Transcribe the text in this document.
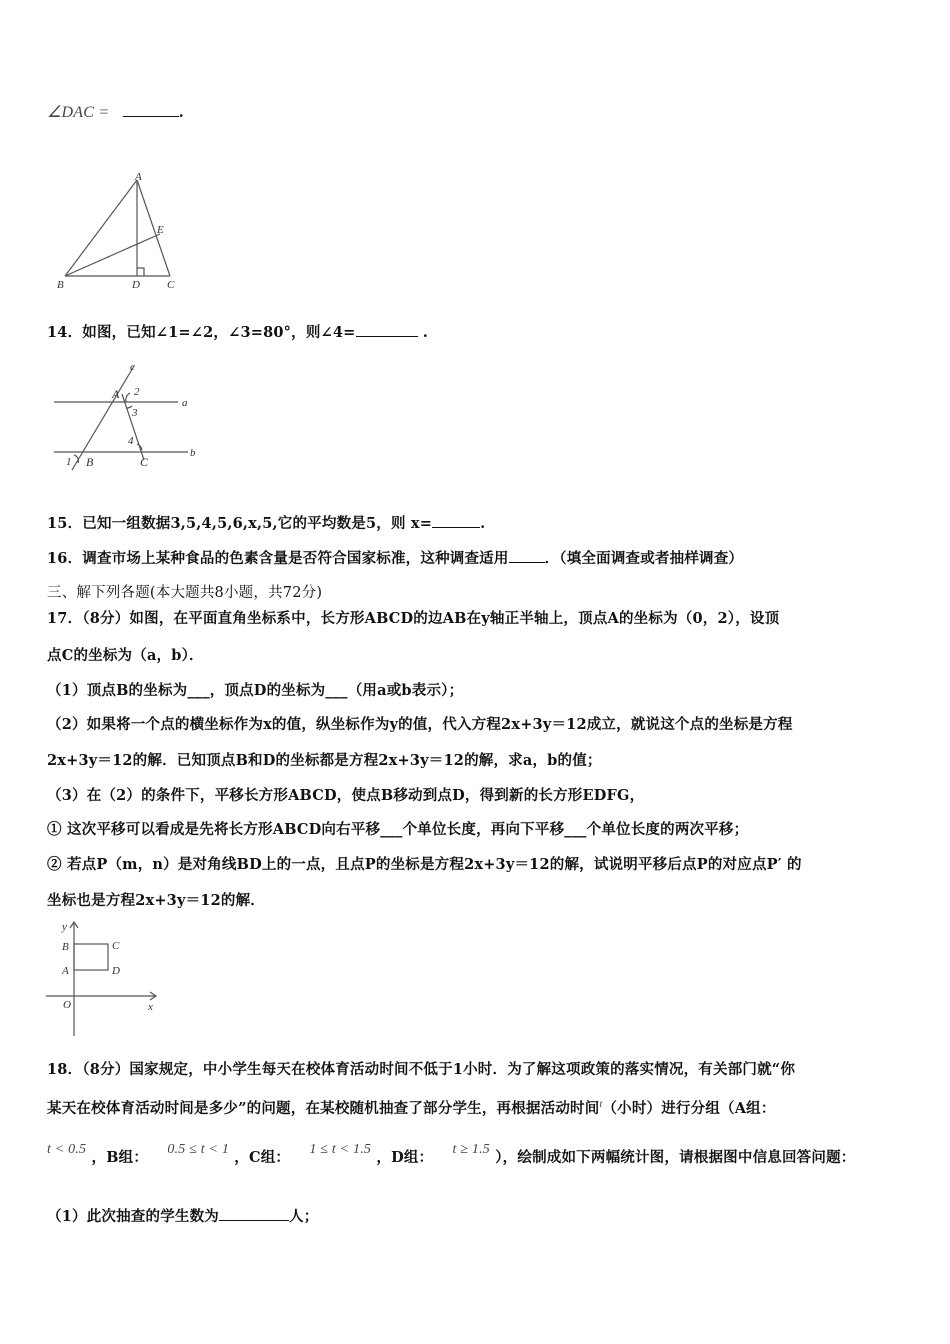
∠DAC =	.
A
B	D C
E
14．如图，已知∠1=∠2，∠3=80°，则∠4=	.
c
a
b
A
B	C
1
2
3
4
15．已知一组数据3,5,4,5,6,x,5,它的平均数是5，则 x=	.
16．调查市场上某种食品的色素含量是否符合国家标准，这种调查适用 ．（填全面调查或者抽样调查）
三、解下列各题(本大题共8小题，共72分)
17．（8分）如图，在平面直角坐标系中，长方形ABCD的边AB在y轴正半轴上，顶点A的坐标为（0，2），设顶
点C的坐标为（a，b）．
（1）顶点B的坐标为___，顶点D的坐标为___（用a或b表示）；
（2）如果将一个点的横坐标作为x的值，纵坐标作为y的值，代入方程2x+3y＝12成立，就说这个点的坐标是方程
2x+3y＝12的解．已知顶点B和D的坐标都是方程2x+3y＝12的解，求a，b的值；
（3）在（2）的条件下，平移长方形ABCD，使点B移动到点D，得到新的长方形EDFG，
① 这次平移可以看成是先将长方形ABCD向右平移___个单位长度，再向下平移___个单位长度的两次平移；
② 若点P（m，n）是对角线BD上的一点，且点P的坐标是方程2x+3y＝12的解，试说明平移后点P的对应点P′ 的
坐标也是方程2x+3y＝12的解．
y
x
O
B
A
C
D
18．（8分）国家规定，中小学生每天在校体育活动时间不低于1小时．为了解这项政策的落实情况，有关部门就“你
某天在校体育活动时间是多少”的问题，在某校随机抽查了部分学生，再根据活动时间$^t$（小时）进行分组（A组：
t < 0.5 ，B组： 0.5 ≤ t < 1 ，C组： 1 ≤ t < 1.5 ，D组： t ≥ 1.5 ），绘制成如下两幅统计图，请根据图中信息回答问题：
（1）此次抽查的学生数为	人；
